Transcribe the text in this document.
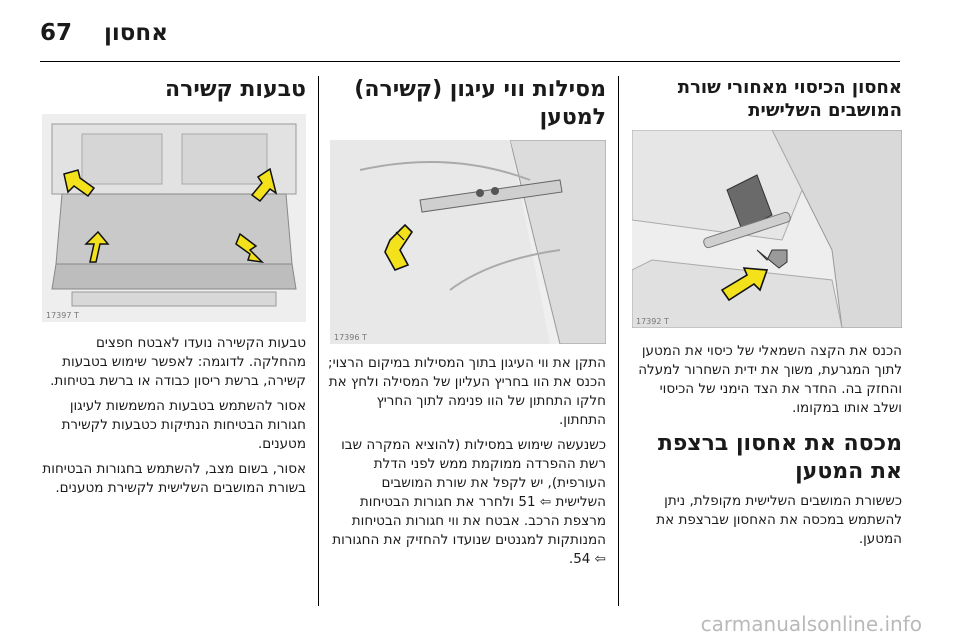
אחסון
67
אחסון הכיסוי מאחורי שורת המושבים השלישית
17392 T

הכנס את הקצה השמאלי של כיסוי את המטען לתוך המגרעת, משוך את ידית השחרור למעלה והחזק בה. החדר את הצד הימני של הכיסוי ושלב אותו במקומו.

מכסה את אחסון ברצפת את המטען

כששורת המושבים השלישית מקופלת, ניתן להשתמש במכסה את האחסון שברצפת את המטען.

מסילות ווי עיגון (קשירה) למטען
17396 T

התקן את ווי העיגון בתוך המסילות במיקום הרצוי; הכנס את הוו בחריץ העליון של המסילה ולחץ את חלקו התחתון של הוו פנימה לתוך החריץ התחתון.

כשנעשה שימוש במסילות (להוציא המקרה שבו רשת ההפרדה ממוקמת ממש לפני הדלת העורפית), יש לקפל את שורת המושבים השלישית ⇦ 51 ולחרר את חגורות הבטיחות מרצפת הרכב. אבטח את ווי חגורות הבטיחות המנותקות למגנטים שנועדו להחזיק את החגורות ⇦ 54.

טבעות קשירה
17397 T

טבעות הקשירה נועדו לאבטח חפצים מהחלקה. לדוגמה: לאפשר שימוש בטבעות קשירה, ברשת ריסון כבודה או ברשת בטיחות.

אסור להשתמש בטבעות המשמשות לעיגון חגורות הבטיחות הנתיקות כטבעות לקשירת מטענים.

אסור, בשום מצב, להשתמש בחגורות הבטיחות בשורת המושבים השלישית לקשירת מטענים.

carmanualsonline.info
